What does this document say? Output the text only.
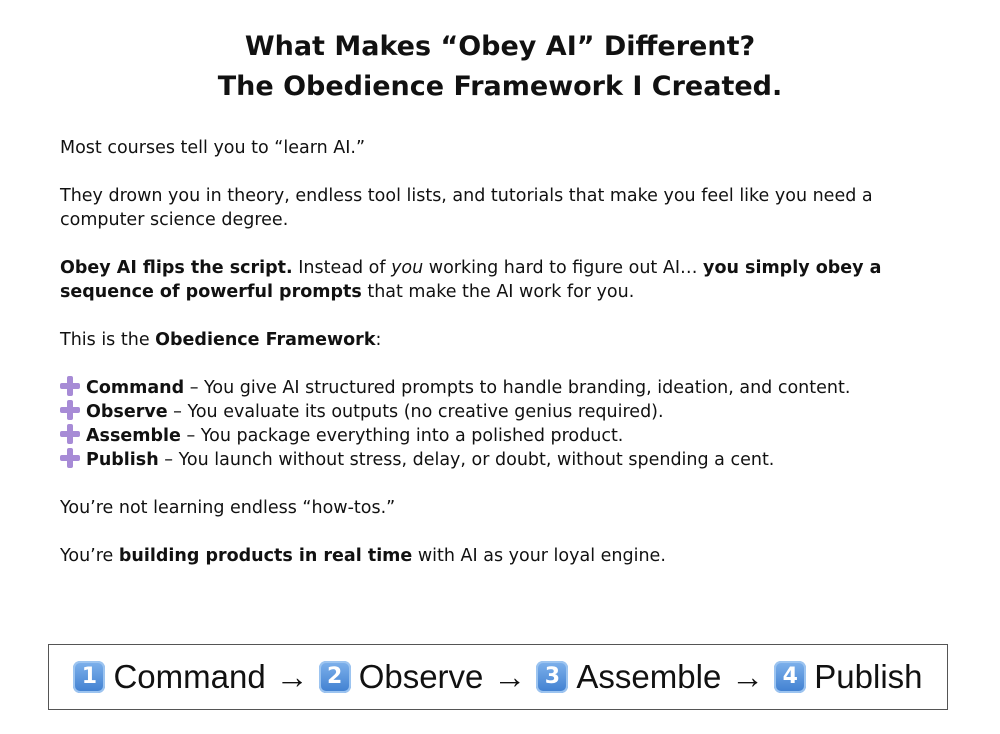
What Makes “Obey AI” Different?
The Obedience Framework I Created.

Most courses tell you to “learn AI.”

They drown you in theory, endless tool lists, and tutorials that make you feel like you need a computer science degree.

Obey AI flips the script. Instead of you working hard to figure out AI… you simply obey a sequence of powerful prompts that make the AI work for you.

This is the Obedience Framework:

Command – You give AI structured prompts to handle branding, ideation, and content.
Observe – You evaluate its outputs (no creative genius required).
Assemble – You package everything into a polished product.
Publish – You launch without stress, delay, or doubt, without spending a cent.

You’re not learning endless “how-tos.”

You’re building products in real time with AI as your loyal engine.

1 Command → 2 Observe → 3 Assemble → 4 Publish
